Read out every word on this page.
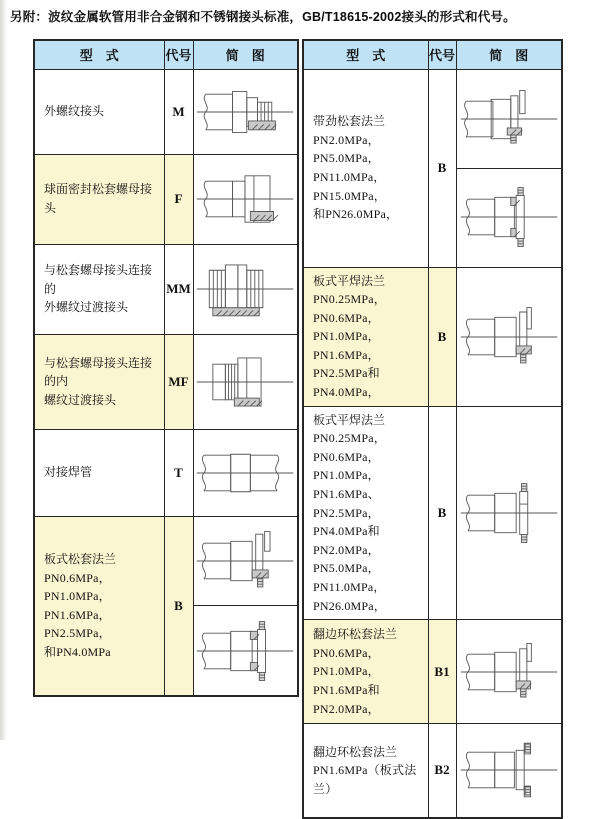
另附：波纹金属软管用非合金钢和不锈钢接头标准，GB/T18615-2002接头的形式和代号。
型　式	代号	简　图

外螺纹接头	M	

球面密封松套螺母接头	F	

与松套螺母接头连接的
外螺纹过渡接头	MM	

与松套螺母接头连接的内
螺纹过渡接头	MF	

对接焊管	T	

板式松套法兰
PN0.6MPa，PN1.0MPa，
PN1.6MPa，PN2.5MPa，
和PN4.0MPa	B	
型　式	代号	简　图

带劲松套法兰
PN2.0MPa，PN5.0MPa，
PN11.0MPa，PN15.0MPa，
和PN26.0MPa，	B	

板式平焊法兰
PN0.25MPa，PN0.6MPa，
PN1.0MPa，PN1.6MPa，
PN2.5MPa和PN4.0MPa，	B	

板式平焊法兰
PN0.25MPa，PN0.6MPa，
PN1.0MPa，PN1.6MPa、
PN2.5MPa，PN4.0MPa和
PN2.0MPa，PN5.0MPa，
PN11.0MPa，PN26.0MPa，
	B	

翻边环松套法兰
PN0.6MPa，PN1.0MPa，
PN1.6MPa和PN2.0MPa，	B1	

翻边环松套法兰
PN1.6MPa（板式法兰）	B2	
